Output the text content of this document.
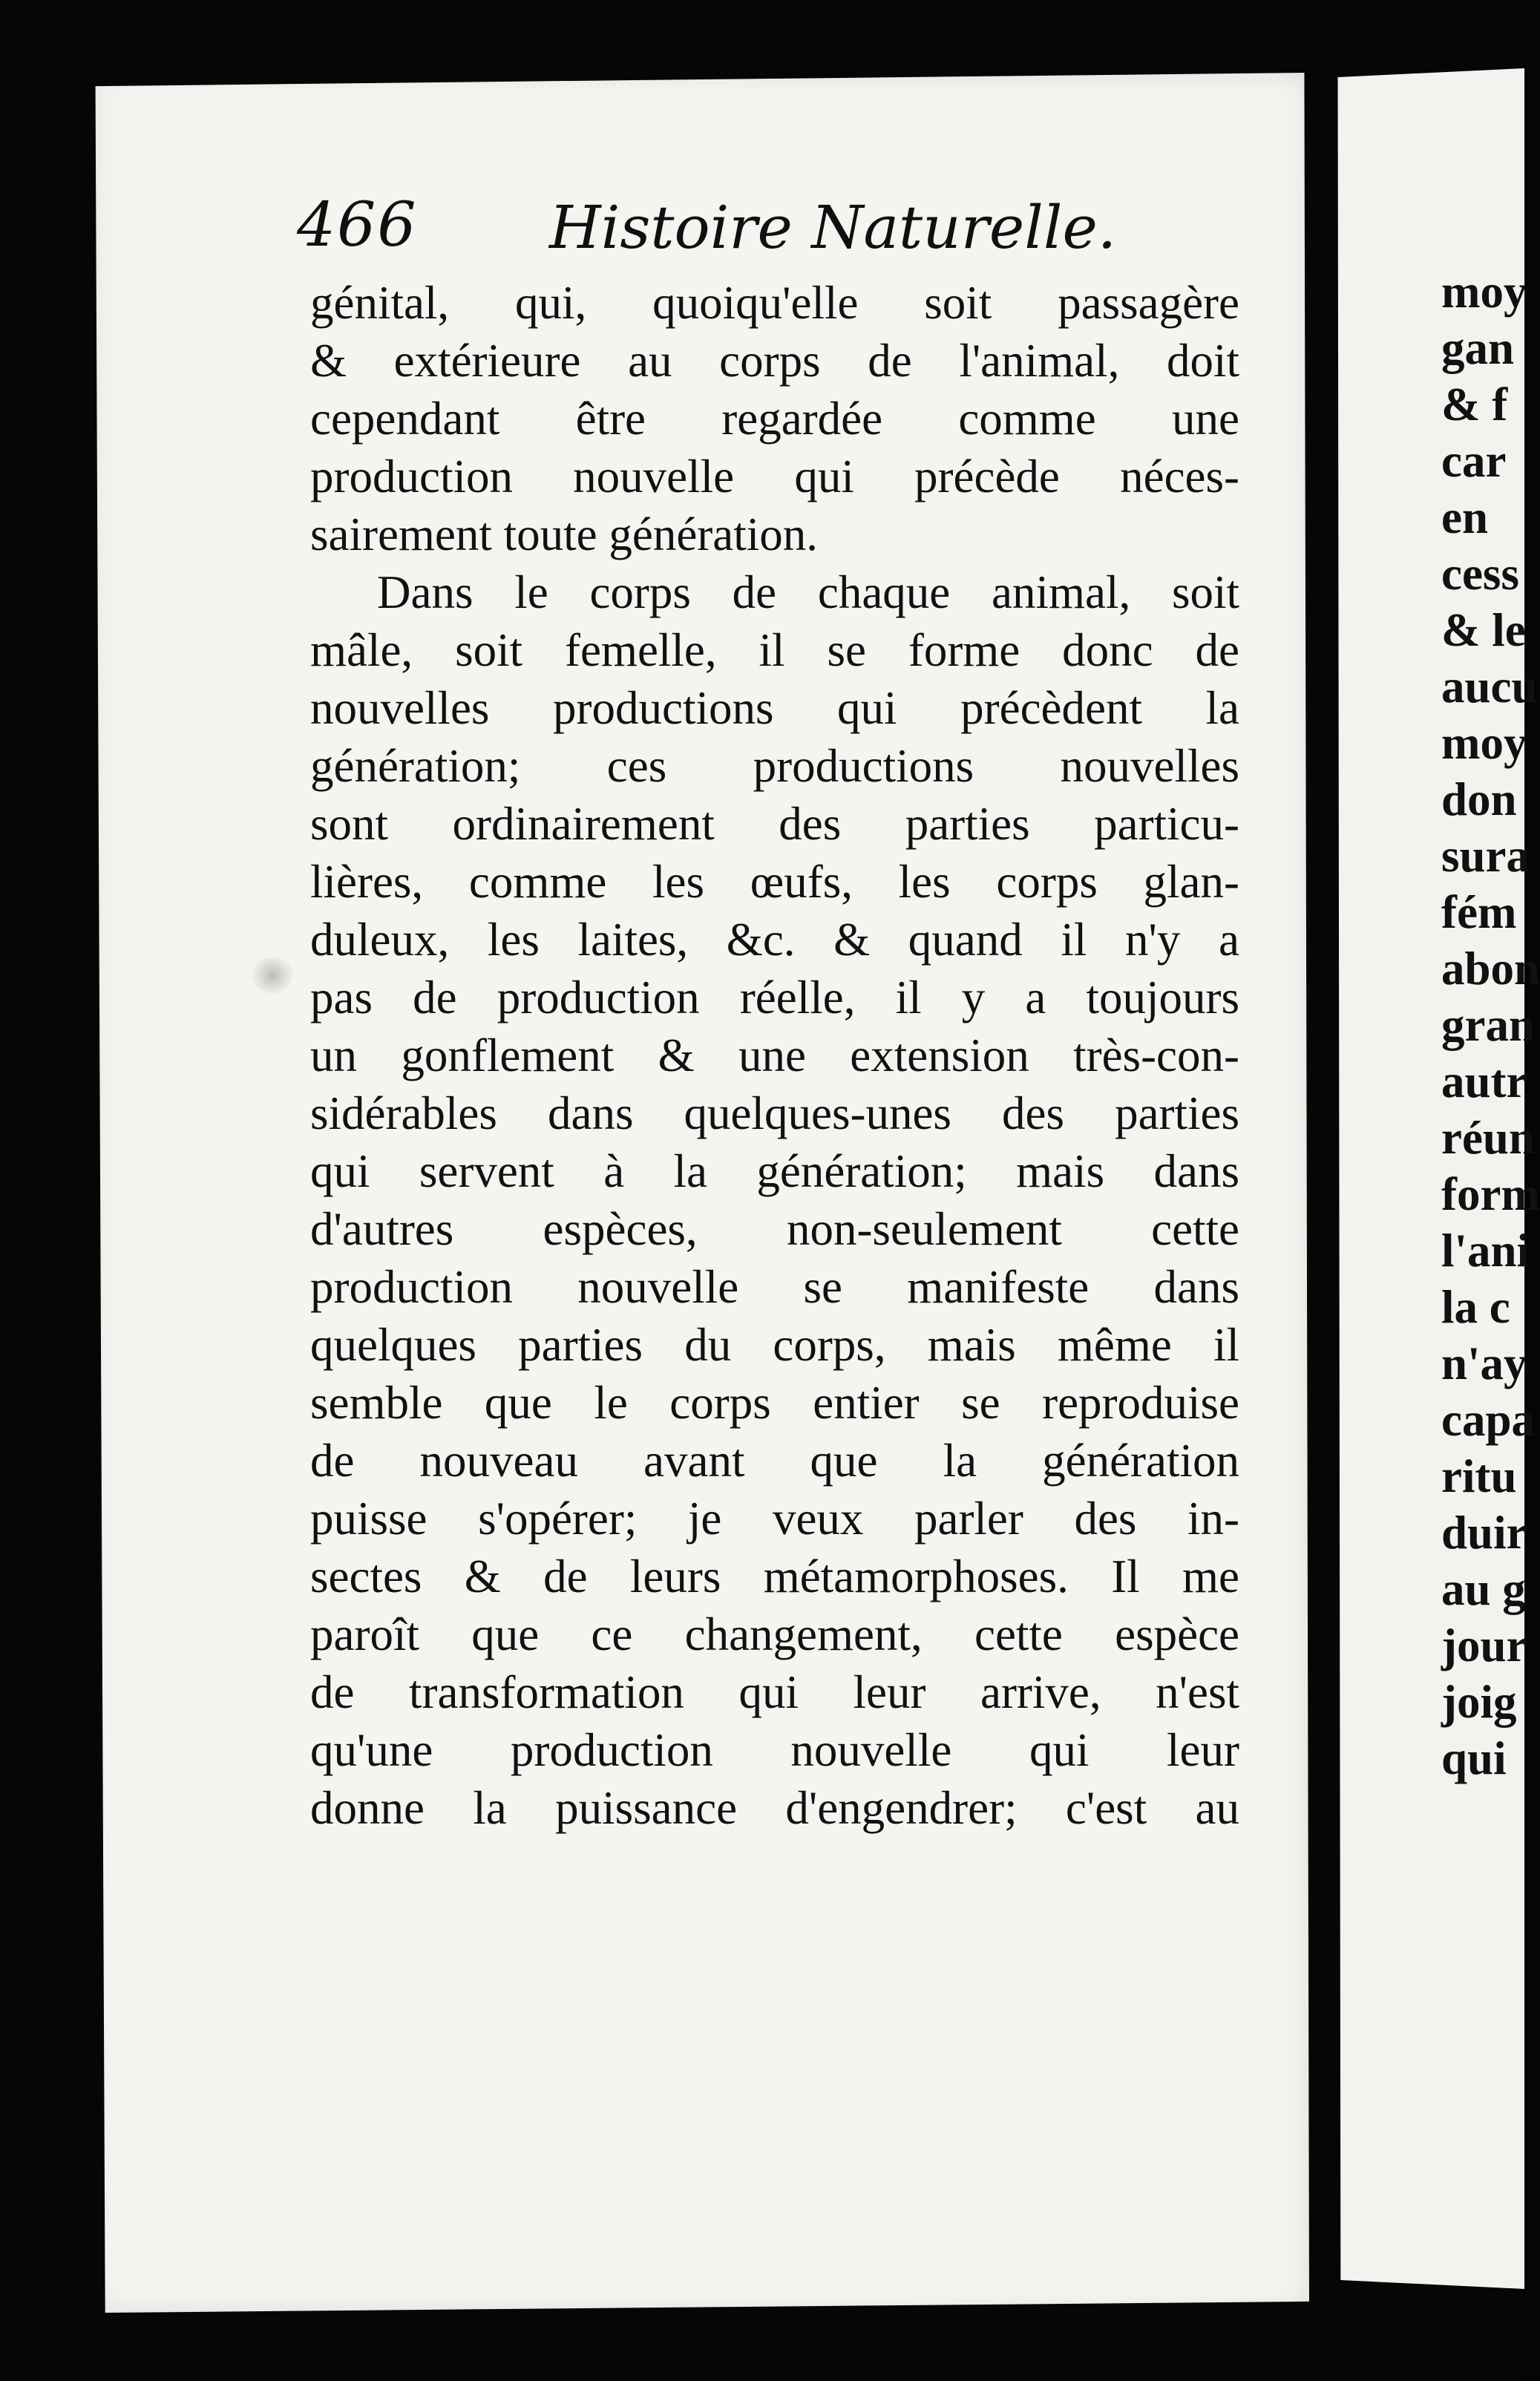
466 Histoire Naturelle.
génital, qui, quoiqu'elle soit passagère
& extérieure au corps de l'animal, doit
cependant être regardée comme une
production nouvelle qui précède néces-
sairement toute génération.
Dans le corps de chaque animal, soit
mâle, soit femelle, il se forme donc de
nouvelles productions qui précèdent la
génération; ces productions nouvelles
sont ordinairement des parties particu-
lières, comme les œufs, les corps glan-
duleux, les laites, &c. & quand il n'y a
pas de production réelle, il y a toujours
un gonflement & une extension très-con-
sidérables dans quelques-unes des parties
qui servent à la génération; mais dans
d'autres espèces, non-seulement cette
production nouvelle se manifeste dans
quelques parties du corps, mais même il
semble que le corps entier se reproduise
de nouveau avant que la génération
puisse s'opérer; je veux parler des in-
sectes & de leurs métamorphoses. Il me
paroît que ce changement, cette espèce
de transformation qui leur arrive, n'est
qu'une production nouvelle qui leur
donne la puissance d'engendrer; c'est au
moy
gan
& f
car
en
cess
& le
aucu
moy
don
sura
fém
abon
gran
autr
réun
form
l'ani
la c
n'ay
capa
ritu
duir
au g
jour
joig
qui
